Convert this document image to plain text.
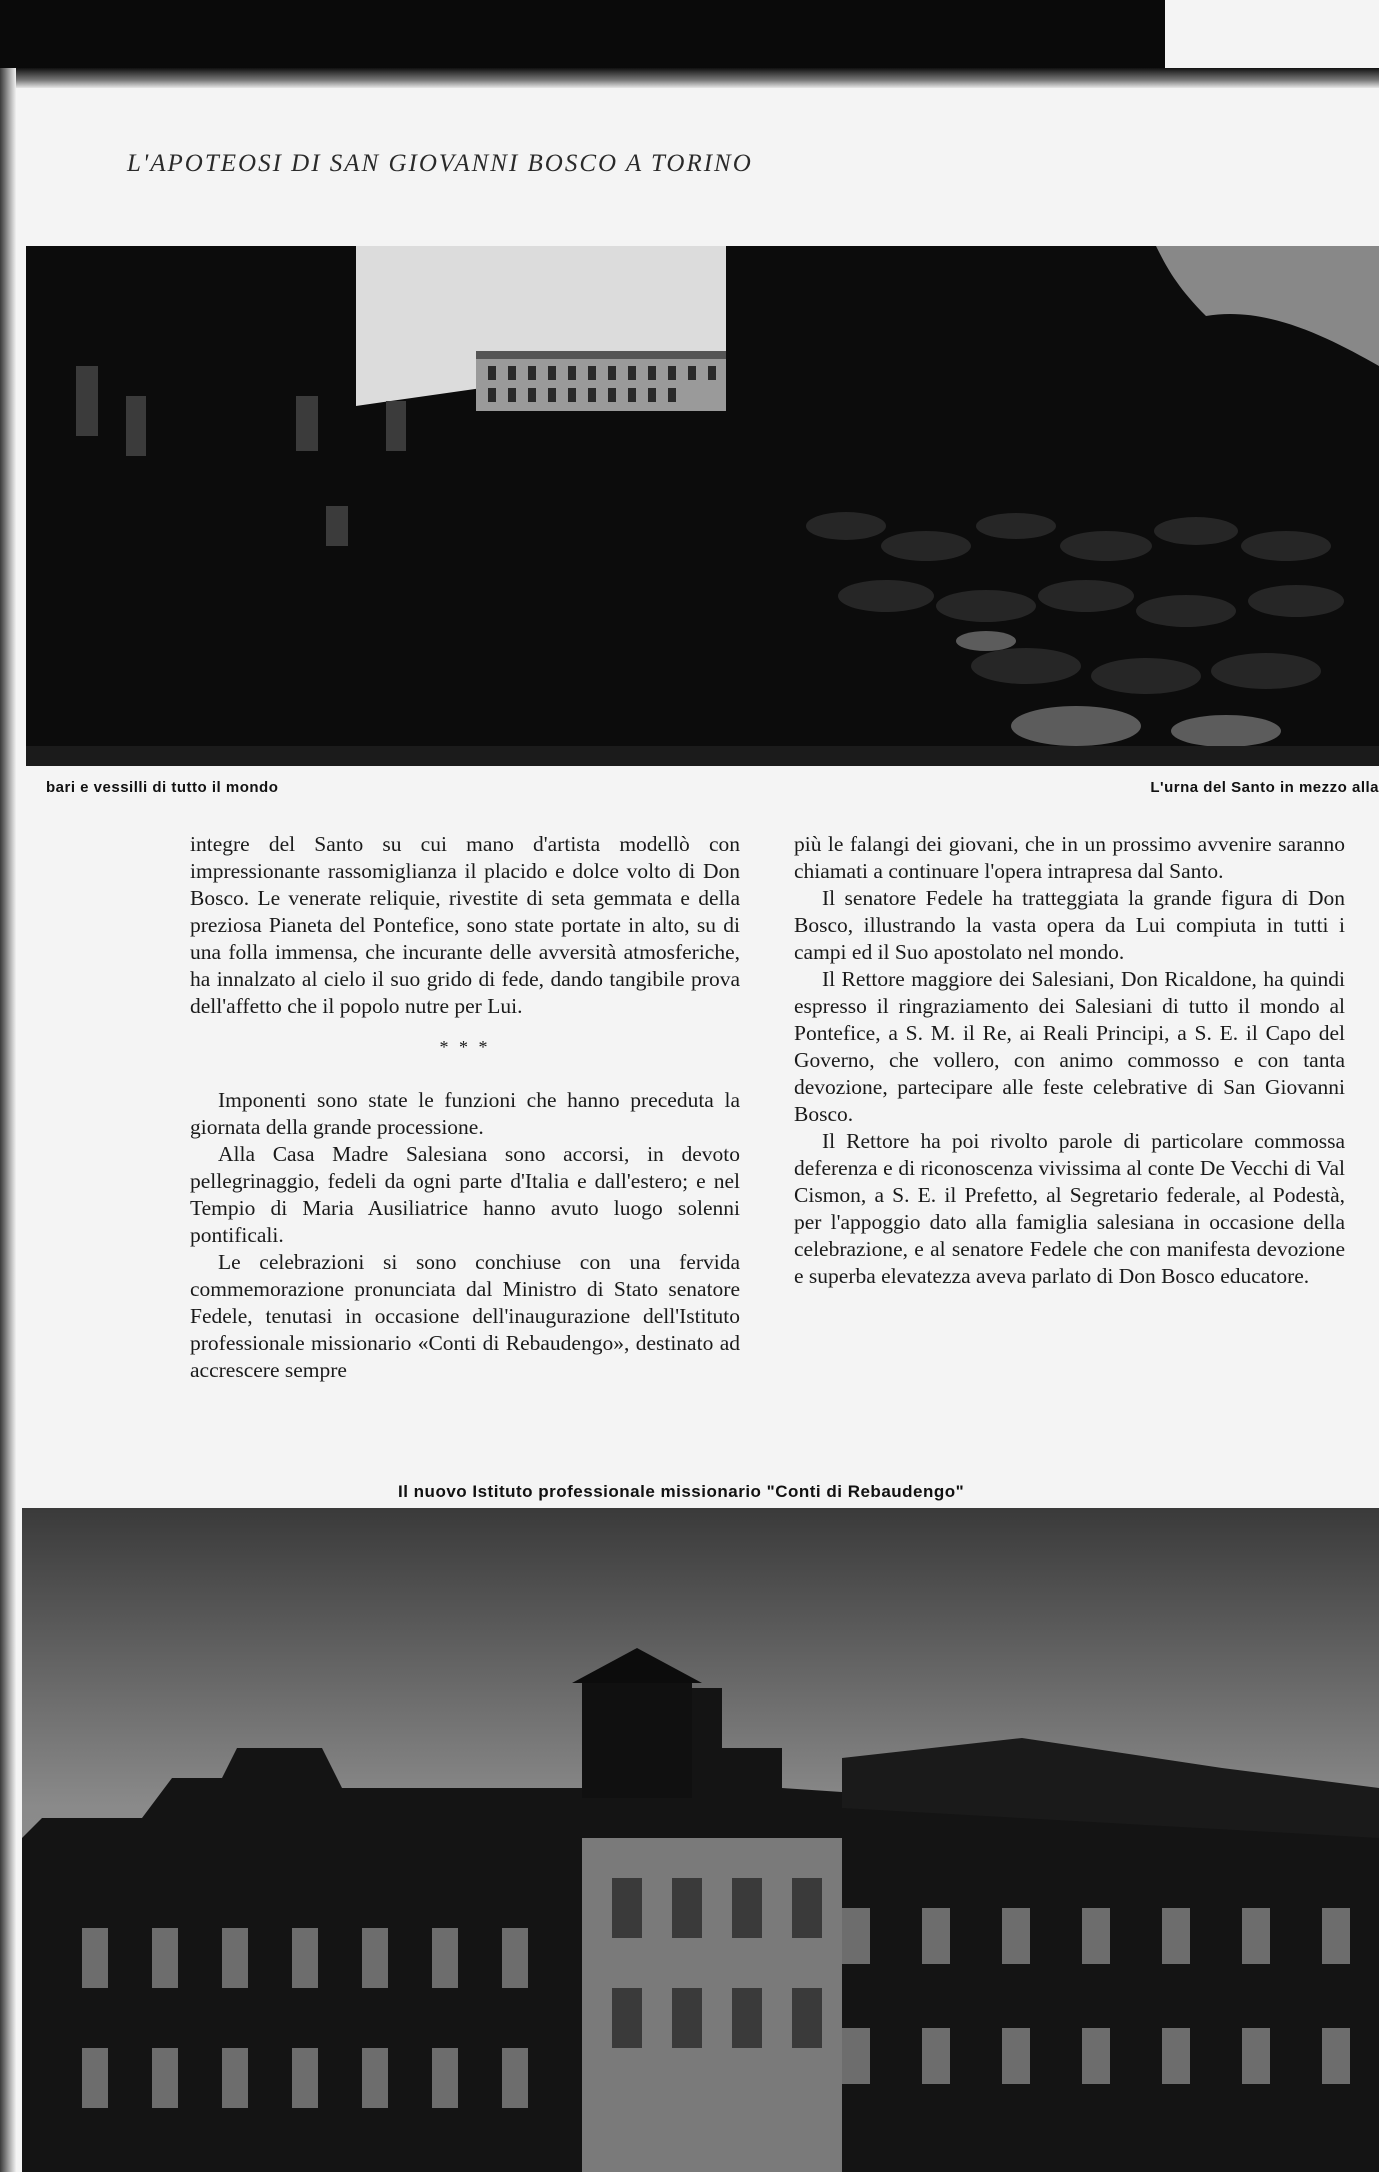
L'APOTEOSI DI SAN GIOVANNI BOSCO A TORINO
bari e vessilli di tutto il mondo	L'urna del Santo in mezzo alla

integre del Santo su cui mano d'artista modellò con impressionante rassomiglianza il placido e dolce volto di Don Bosco. Le venerate reliquie, rivestite di seta gemmata e della preziosa Pianeta del Pontefice, sono state portate in alto, su di una folla immensa, che incurante delle avversità atmosferiche, ha innalzato al cielo il suo grido di fede, dando tangibile prova dell'affetto che il popolo nutre per Lui.

* * *

Imponenti sono state le funzioni che hanno preceduta la giornata della grande processione.

Alla Casa Madre Salesiana sono accorsi, in devoto pellegrinaggio, fedeli da ogni parte d'Italia e dall'estero; e nel Tempio di Maria Ausiliatrice hanno avuto luogo solenni pontificali.

Le celebrazioni si sono conchiuse con una fervida commemorazione pronunciata dal Ministro di Stato senatore Fedele, tenutasi in occasione dell'inaugurazione dell'Istituto professionale missionario «Conti di Rebaudengo», destinato ad accrescere sempre

più le falangi dei giovani, che in un prossimo avvenire saranno chiamati a continuare l'opera intrapresa dal Santo.

Il senatore Fedele ha tratteggiata la grande figura di Don Bosco, illustrando la vasta opera da Lui compiuta in tutti i campi ed il Suo apostolato nel mondo.

Il Rettore maggiore dei Salesiani, Don Ricaldone, ha quindi espresso il ringraziamento dei Salesiani di tutto il mondo al Pontefice, a S. M. il Re, ai Reali Principi, a S. E. il Capo del Governo, che vollero, con animo commosso e con tanta devozione, partecipare alle feste celebrative di San Giovanni Bosco.

Il Rettore ha poi rivolto parole di particolare commossa deferenza e di riconoscenza vivissima al conte De Vecchi di Val Cismon, a S. E. il Prefetto, al Segretario federale, al Podestà, per l'appoggio dato alla famiglia salesiana in occasione della celebrazione, e al senatore Fedele che con manifesta devozione e superba elevatezza aveva parlato di Don Bosco educatore.

Il nuovo Istituto professionale missionario "Conti di Rebaudengo"
